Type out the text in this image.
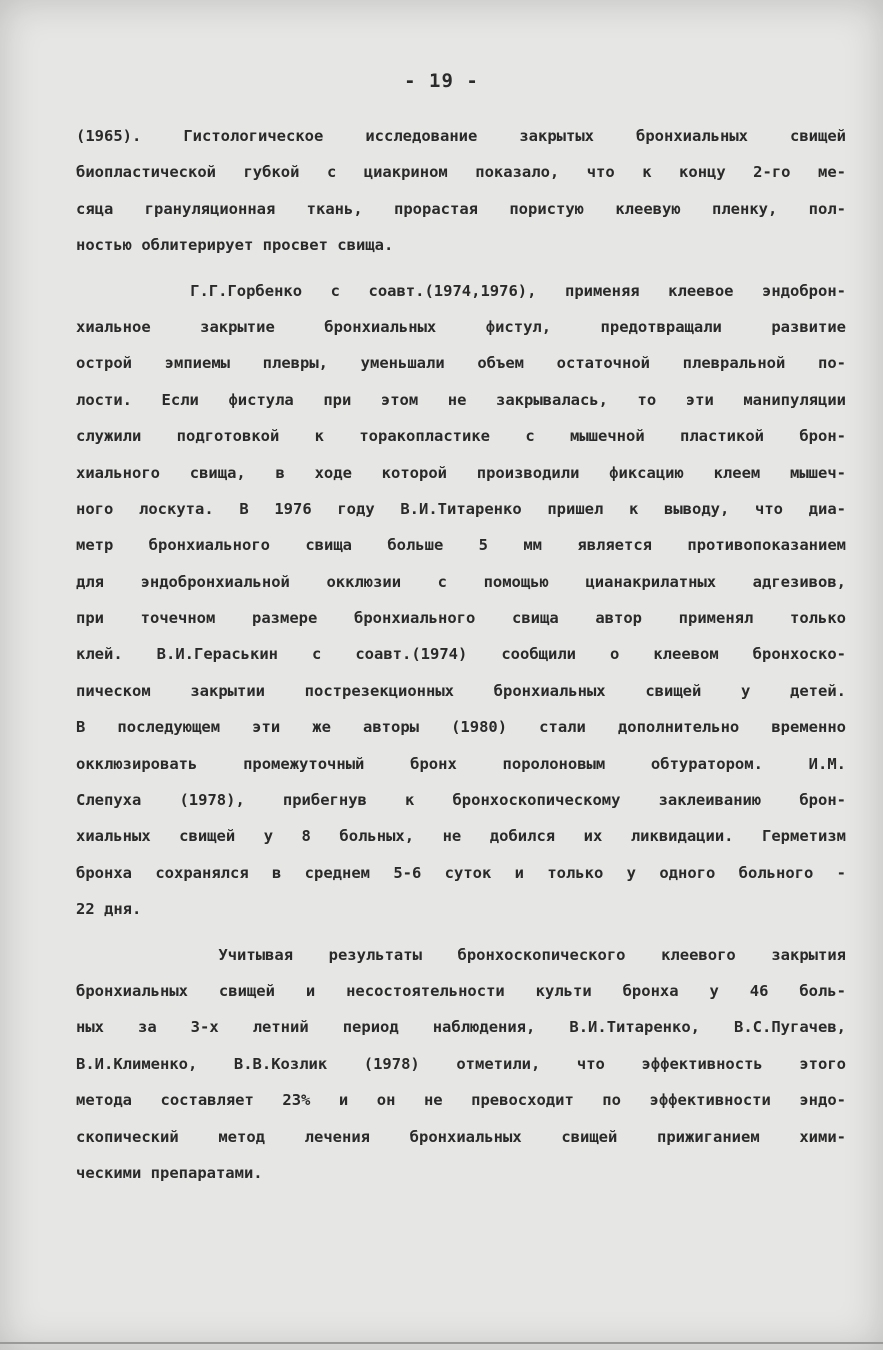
- 19 -
(1965). Гистологическое исследование закрытых бронхиальных свищей
биопластической губкой с циакрином показало, что к концу 2-го ме-
сяца грануляционная ткань, прорастая пористую клеевую пленку, пол-
ностью облитерирует просвет свища.
Г.Г.Горбенко с соавт.(1974,1976), применяя клеевое эндоброн-
хиальное закрытие бронхиальных фистул, предотвращали развитие
острой эмпиемы плевры, уменьшали объем остаточной плевральной по-
лости. Если фистула при этом не закрывалась, то эти манипуляции
служили подготовкой к торакопластике с мышечной пластикой брон-
хиального свища, в ходе которой производили фиксацию клеем мышеч-
ного лоскута. В 1976 году В.И.Титаренко пришел к выводу, что диа-
метр бронхиального свища больше 5 мм является противопоказанием
для эндобронхиальной окклюзии с помощью цианакрилатных адгезивов,
при точечном размере бронхиального свища автор применял только
клей. В.И.Гераськин с соавт.(1974) сообщили о клеевом бронхоско-
пическом закрытии пострезекционных бронхиальных свищей у детей.
В последующем эти же авторы (1980) стали дополнительно временно
окклюзировать промежуточный бронх поролоновым обтуратором. И.М.
Слепуха (1978), прибегнув к бронхоскопическому заклеиванию брон-
хиальных свищей у 8 больных, не добился их ликвидации. Герметизм
бронха сохранялся в среднем 5-6 суток и только у одного больного -
22 дня.
Учитывая результаты бронхоскопического клеевого закрытия
бронхиальных свищей и несостоятельности культи бронха у 46 боль-
ных за 3-х летний период наблюдения, В.И.Титаренко, В.С.Пугачев,
В.И.Клименко, В.В.Козлик (1978) отметили, что эффективность этого
метода составляет 23% и он не превосходит по эффективности эндо-
скопический метод лечения бронхиальных свищей прижиганием хими-
ческими препаратами.
